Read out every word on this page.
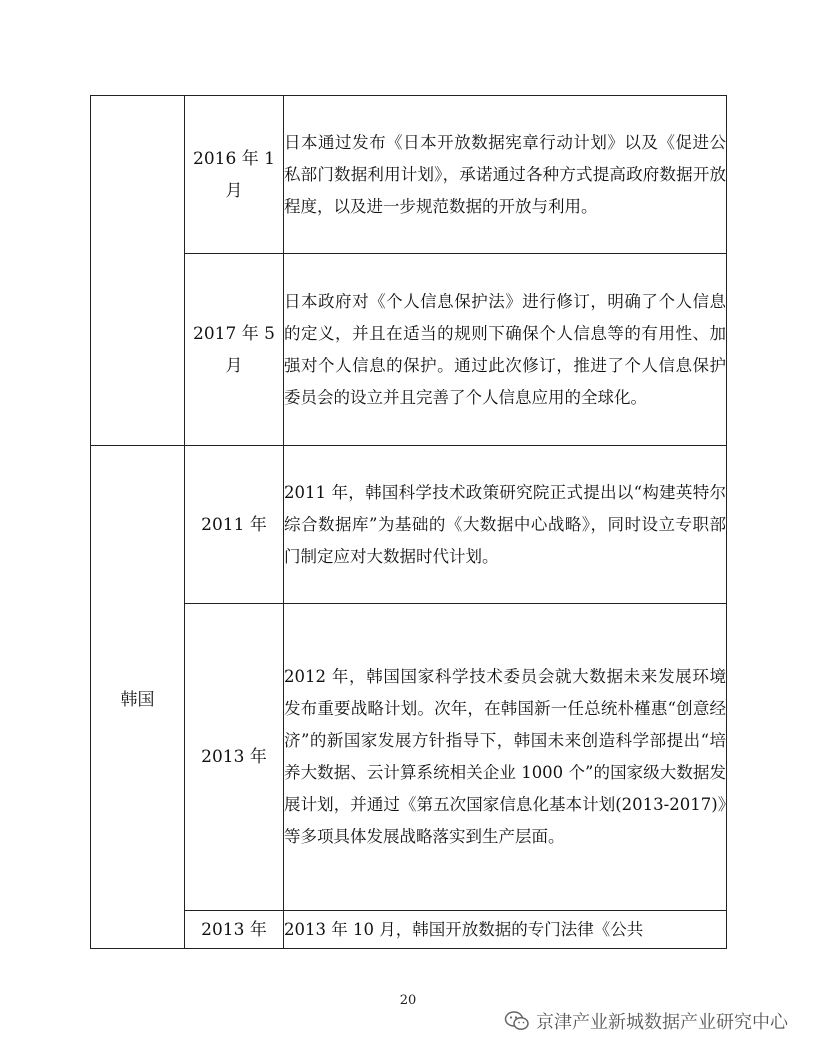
	2016 年 1 月	日本通过发布《日本开放数据宪章行动计划》以及《促进公私部门数据利用计划》，承诺通过各种方式提高政府数据开放程度，以及进一步规范数据的开放与利用。
	2017 年 5 月	日本政府对《个人信息保护法》进行修订，明确了个人信息的定义，并且在适当的规则下确保个人信息等的有用性、加强对个人信息的保护。通过此次修订，推进了个人信息保护委员会的设立并且完善了个人信息应用的全球化。
韩国	2011 年	2011 年，韩国科学技术政策研究院正式提出以“构建英特尔综合数据库”为基础的《大数据中心战略》，同时设立专职部门制定应对大数据时代计划。
	2013 年	2012 年，韩国国家科学技术委员会就大数据未来发展环境发布重要战略计划。次年，在韩国新一任总统朴槿惠“创意经济”的新国家发展方针指导下，韩国未来创造科学部提出“培养大数据、云计算系统相关企业 1000 个”的国家级大数据发展计划，并通过《第五次国家信息化基本计划(2013-2017)》等多项具体发展战略落实到生产层面。
	2013 年	2013 年 10 月，韩国开放数据的专门法律《公共
20
京津产业新城数据产业研究中心
